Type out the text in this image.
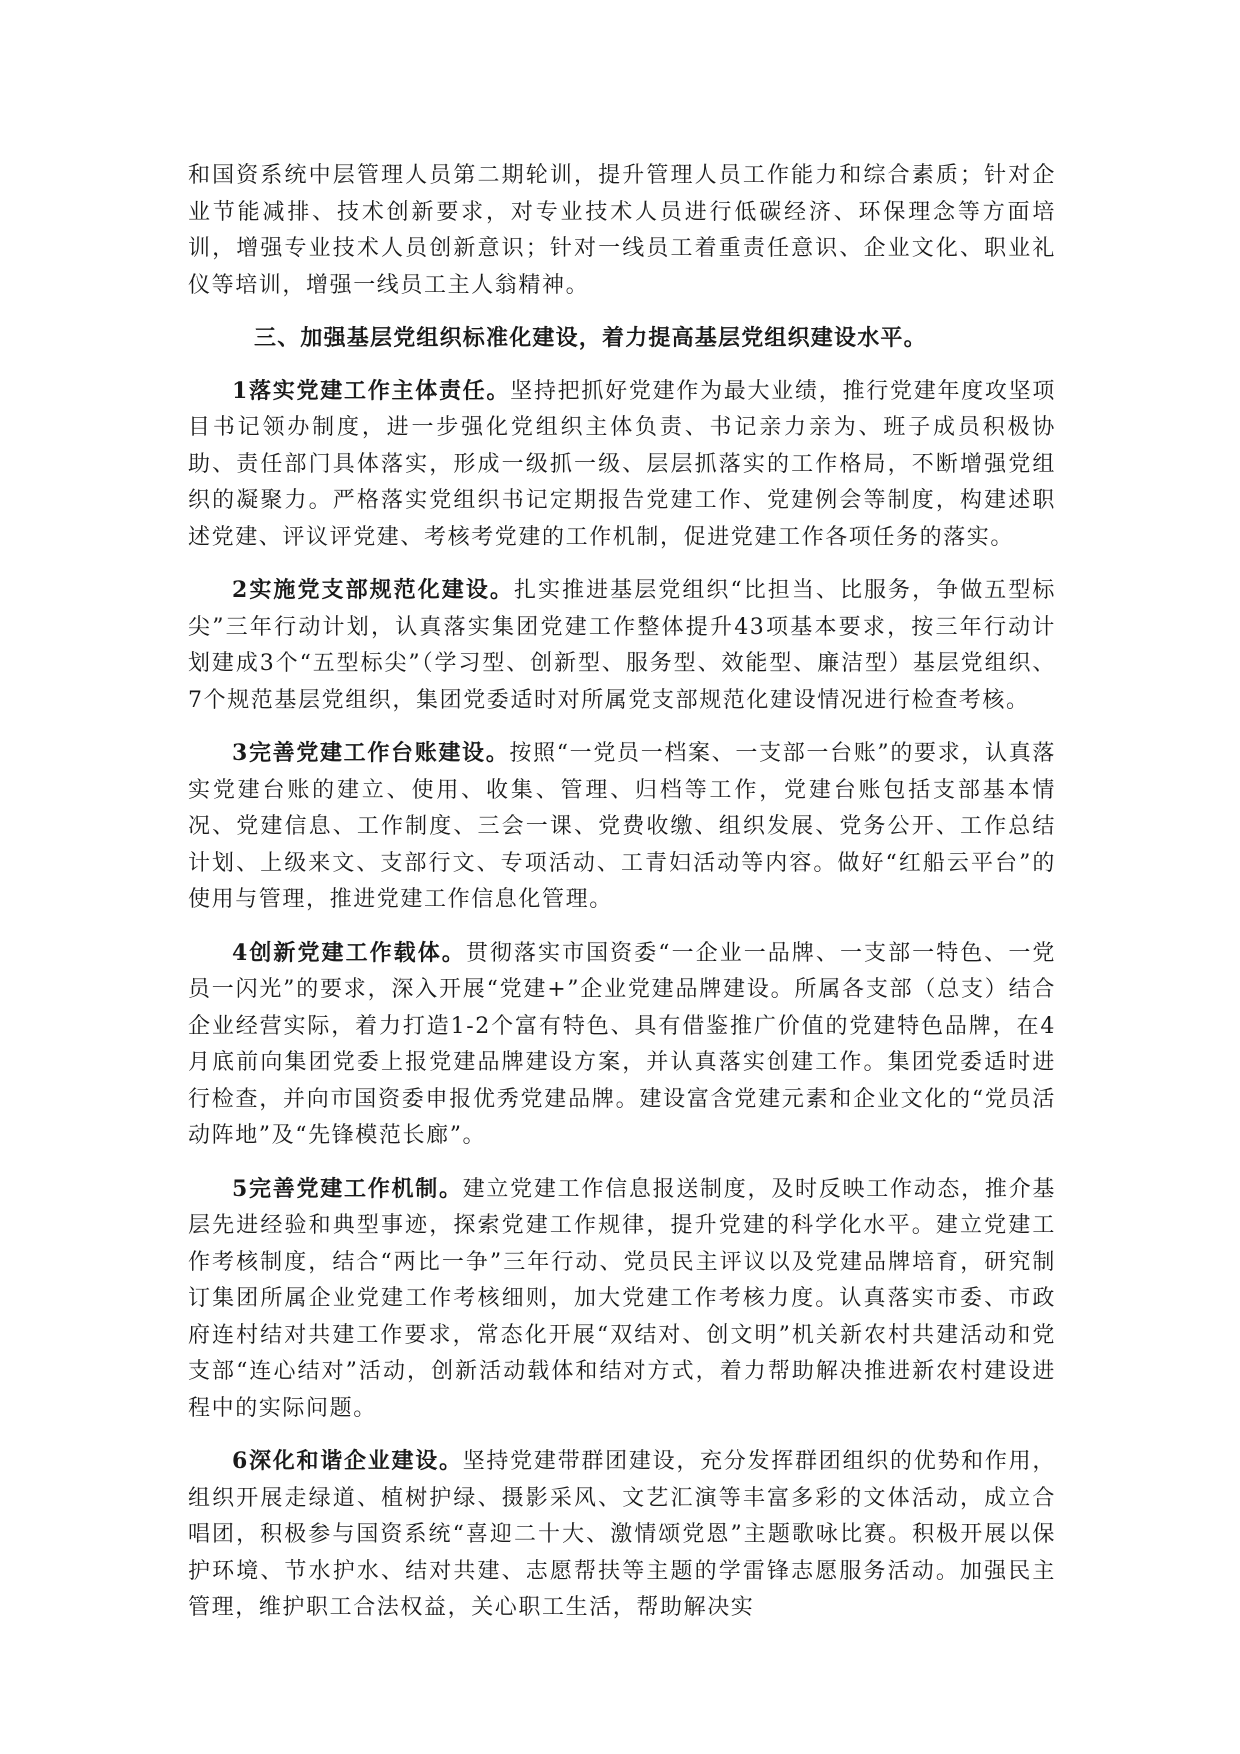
和国资系统中层管理人员第二期轮训，提升管理人员工作能力和综合素质；针对企业节能减排、技术创新要求，对专业技术人员进行低碳经济、环保理念等方面培训，增强专业技术人员创新意识；针对一线员工着重责任意识、企业文化、职业礼仪等培训，增强一线员工主人翁精神。

三、加强基层党组织标准化建设，着力提高基层党组织建设水平。

1落实党建工作主体责任。坚持把抓好党建作为最大业绩，推行党建年度攻坚项目书记领办制度，进一步强化党组织主体负责、书记亲力亲为、班子成员积极协助、责任部门具体落实，形成一级抓一级、层层抓落实的工作格局，不断增强党组织的凝聚力。严格落实党组织书记定期报告党建工作、党建例会等制度，构建述职述党建、评议评党建、考核考党建的工作机制，促进党建工作各项任务的落实。

2实施党支部规范化建设。扎实推进基层党组织“比担当、比服务，争做五型标尖”三年行动计划，认真落实集团党建工作整体提升43项基本要求，按三年行动计划建成3个“五型标尖”（学习型、创新型、服务型、效能型、廉洁型）基层党组织、7个规范基层党组织，集团党委适时对所属党支部规范化建设情况进行检查考核。

3完善党建工作台账建设。按照“一党员一档案、一支部一台账”的要求，认真落实党建台账的建立、使用、收集、管理、归档等工作，党建台账包括支部基本情况、党建信息、工作制度、三会一课、党费收缴、组织发展、党务公开、工作总结计划、上级来文、支部行文、专项活动、工青妇活动等内容。做好“红船云平台”的使用与管理，推进党建工作信息化管理。

4创新党建工作载体。贯彻落实市国资委“一企业一品牌、一支部一特色、一党员一闪光”的要求，深入开展“党建+”企业党建品牌建设。所属各支部（总支）结合企业经营实际，着力打造1-2个富有特色、具有借鉴推广价值的党建特色品牌，在4月底前向集团党委上报党建品牌建设方案，并认真落实创建工作。集团党委适时进行检查，并向市国资委申报优秀党建品牌。建设富含党建元素和企业文化的“党员活动阵地”及“先锋模范长廊”。

5完善党建工作机制。建立党建工作信息报送制度，及时反映工作动态，推介基层先进经验和典型事迹，探索党建工作规律，提升党建的科学化水平。建立党建工作考核制度，结合“两比一争”三年行动、党员民主评议以及党建品牌培育，研究制订集团所属企业党建工作考核细则，加大党建工作考核力度。认真落实市委、市政府连村结对共建工作要求，常态化开展“双结对、创文明”机关新农村共建活动和党支部“连心结对”活动，创新活动载体和结对方式，着力帮助解决推进新农村建设进程中的实际问题。

6深化和谐企业建设。坚持党建带群团建设，充分发挥群团组织的优势和作用，组织开展走绿道、植树护绿、摄影采风、文艺汇演等丰富多彩的文体活动，成立合唱团，积极参与国资系统“喜迎二十大、激情颂党恩”主题歌咏比赛。积极开展以保护环境、节水护水、结对共建、志愿帮扶等主题的学雷锋志愿服务活动。加强民主管理，维护职工合法权益，关心职工生活，帮助解决实
